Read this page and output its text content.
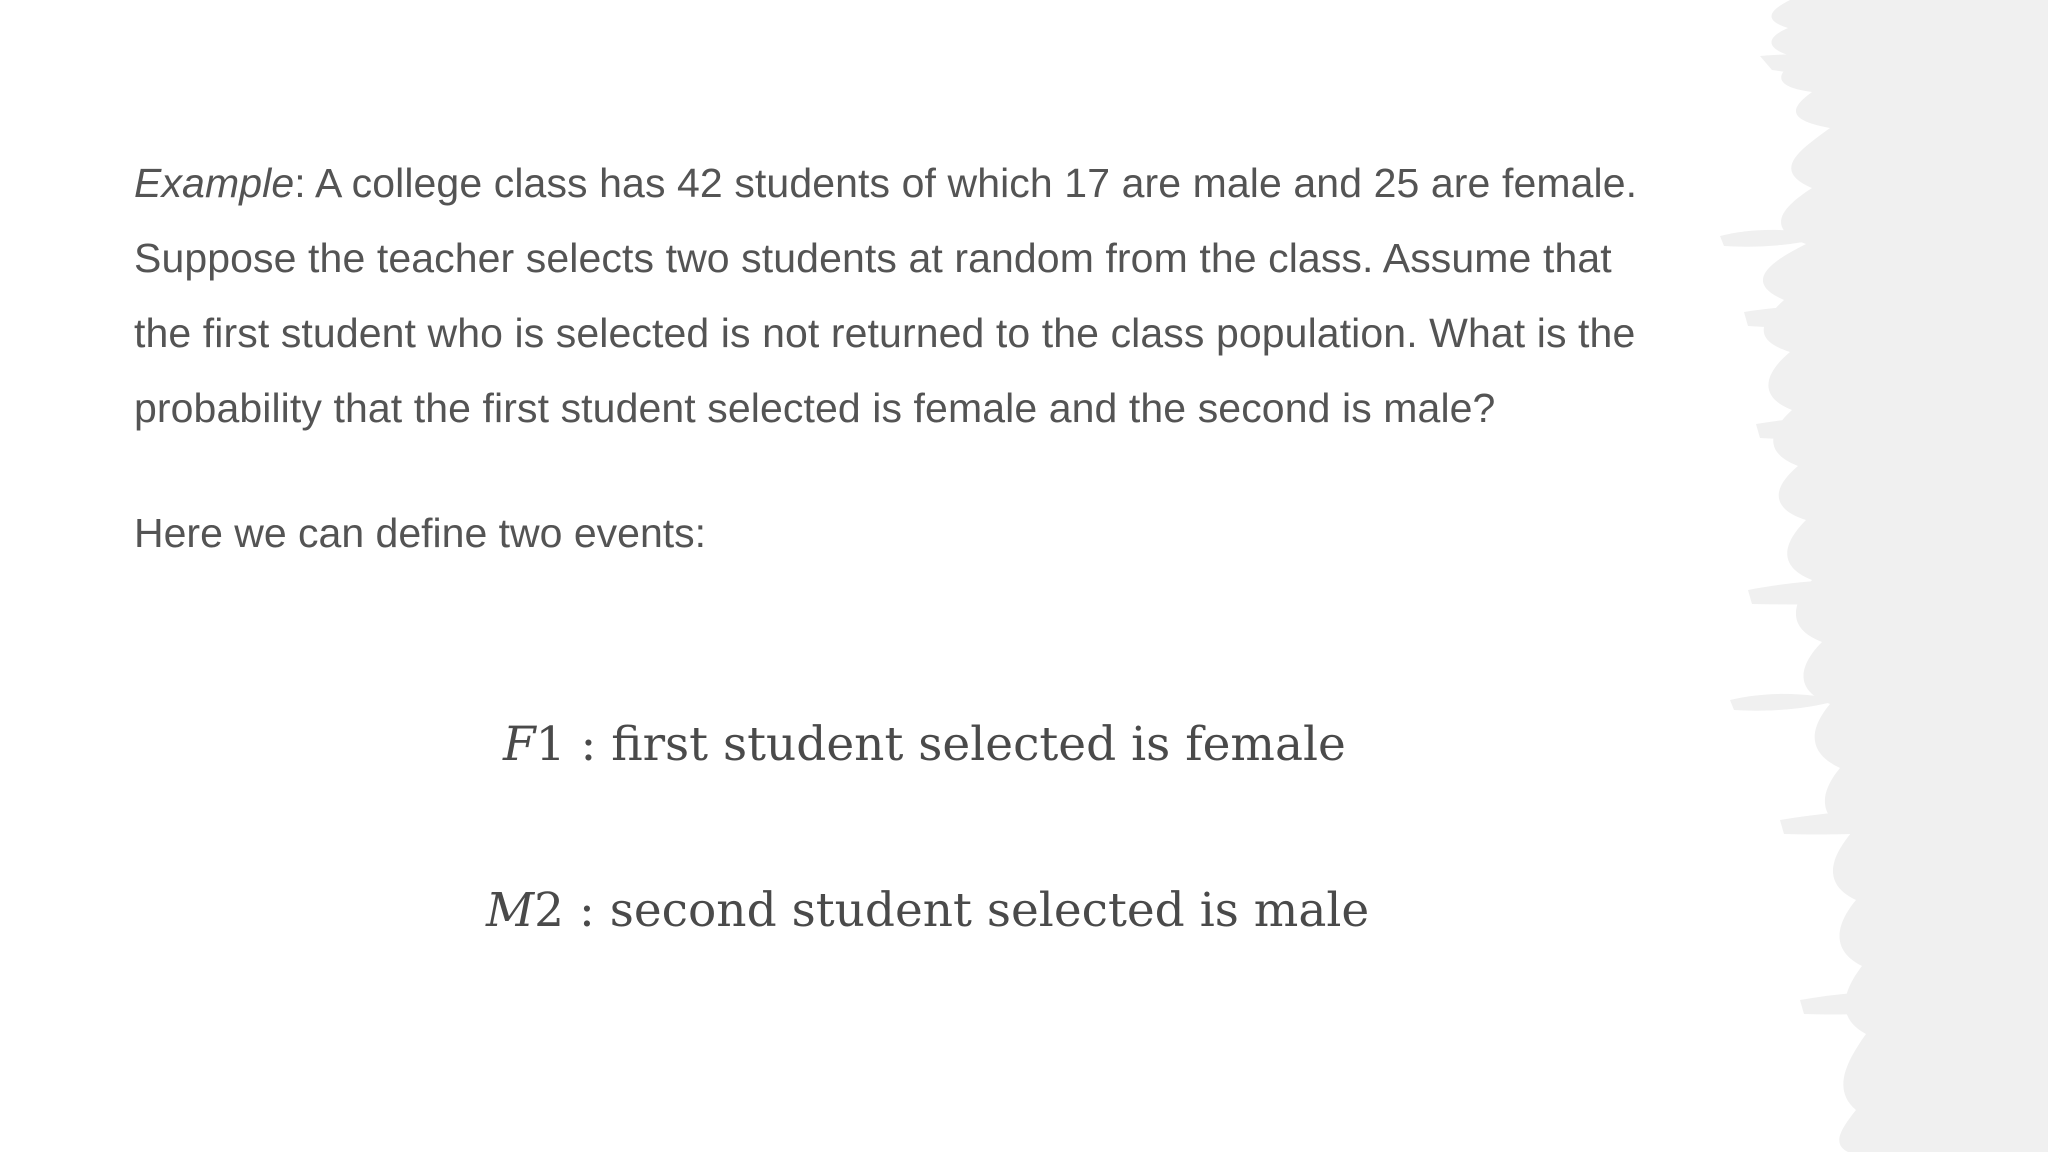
Example: A college class has 42 students of which 17 are male and 25 are female. Suppose the teacher selects two students at random from the class. Assume that the first student who is selected is not returned to the class population. What is the probability that the first student selected is female and the second is male?

Here we can define two events:

F1 : first student selected is female
M2 : second student selected is male
